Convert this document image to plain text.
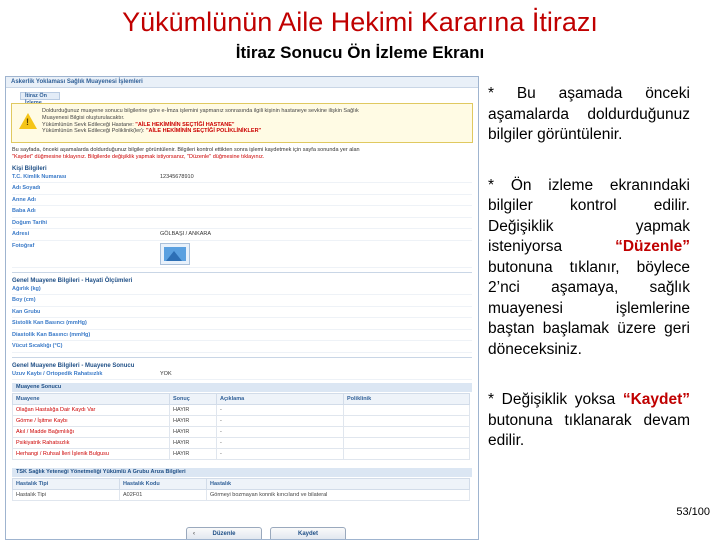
Yükümlünün Aile Hekimi Kararına İtirazı
İtiraz Sonucu Ön İzleme Ekranı
Askerlik Yoklaması Sağlık Muayenesi İşlemleri
İtiraz Ön
!
Doldurduğunuz muayene sonucu bilgilerine göre e-İmza işlemini yapmanız sonrasında ilgili kişinin hastaneye sevkine ilişkin Sağlık
Muayenesi Bilgisi oluşturulacaktır.
Yükümlünün Sevk Edileceği Hastane: "AİLE HEKİMİNİN SEÇTİĞİ HASTANE"
Yükümlünün Sevk Edileceği Poliklinik(ler): "AİLE HEKİMİNİN SEÇTİĞİ POLİKLİNİKLER"
Bu sayfada, önceki aşamalarda doldurduğunuz bilgiler görüntülenir. Bilgileri kontrol ettikten sonra işlemi kaydetmek için sayfa sonunda yer alan
"Kaydet" düğmesine tıklayınız. Bilgilerde değişiklik yapmak istiyorsanız, "Düzenle" düğmesine tıklayınız.
Kişi Bilgileri
T.C. Kimlik Numarası	12345678910
Adı Soyadı
Anne Adı
Baba Adı
Doğum Tarihi
Adresi	GÖLBAŞI / ANKARA
Fotoğraf
Genel Muayene Bilgileri - Hayati Ölçümleri
Ağırlık (kg)
Boy (cm)
Kan Grubu
Sistolik Kan Basıncı (mmHg)
Diastolik Kan Basıncı (mmHg)
Vücut Sıcaklığı (°C)
Genel Muayene Bilgileri - Muayene Sonucu
Uzuv Kaybı / Ortopedik Rahatsızlık	YOK
Muayene Sonucu
Muayene	Sonuç	Açıklama	Poliklinik
Olağan Hastalığa Dair Kaydı Var	HAYIR	-	
Görme / İşitme Kaybı	HAYIR	-	
Akıl / Madde Bağımlılığı	HAYIR	-	
Psikiyatrik Rahatsızlık	HAYIR	-	
Herhangi / Ruhsal İleri İşlenik Bulgusu	HAYIR	-	
TSK Sağlık Yeteneği Yönetmeliği Yükümlü A Grubu Arıza Bilgileri
Hastalık Tipi	Hastalık Kodu	Hastalık
Hastalık Tipi	A02F01	Görmeyi bozmayan konnik kırıcılarıd ve bilateral
‹	Düzenle	Kaydet
* Bu aşamada önceki aşamalarda doldurduğunuz bilgiler görüntülenir.
* Ön izleme ekranındaki bilgiler kontrol edilir. Değişiklik yapmak isteniyorsa “Düzenle” butonuna tıklanır, böylece 2’nci aşamaya, sağlık muayenesi işlemlerine baştan başlamak üzere geri döneceksiniz.
* Değişiklik yoksa “Kaydet” butonuna tıklanarak devam edilir.
53/100
